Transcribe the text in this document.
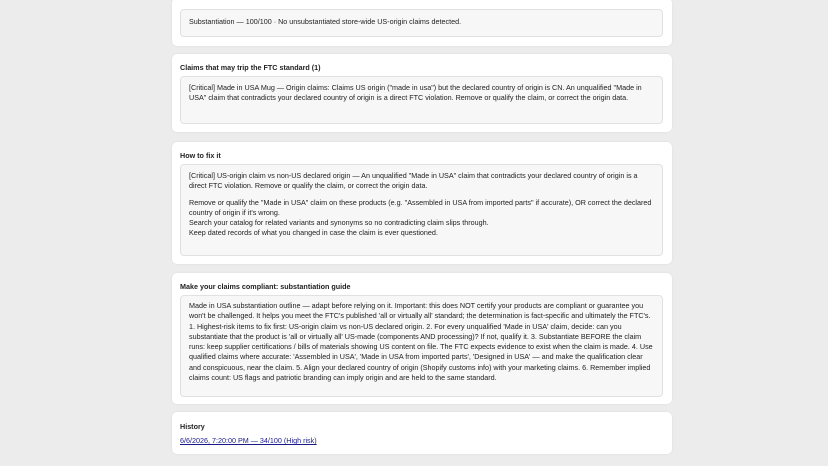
Substantiation — 100/100 · No unsubstantiated store-wide US-origin claims detected.

Claims that may trip the FTC standard (1)

[Critical] Made in USA Mug — Origin claims: Claims US origin ("made in usa") but the declared country of origin is CN. An unqualified "Made in USA" claim that contradicts your declared country of origin is a direct FTC violation. Remove or qualify the claim, or correct the origin data.

How to fix it

[Critical] US-origin claim vs non-US declared origin — An unqualified "Made in USA" claim that contradicts your declared country of origin is a direct FTC violation. Remove or qualify the claim, or correct the origin data.

Remove or qualify the "Made in USA" claim on these products (e.g. "Assembled in USA from imported parts" if accurate), OR correct the declared country of origin if it's wrong.
Search your catalog for related variants and synonyms so no contradicting claim slips through.
Keep dated records of what you changed in case the claim is ever questioned.
Make your claims compliant: substantiation guide

Made in USA substantiation outline — adapt before relying on it. Important: this does NOT certify your products are compliant or guarantee you won't be challenged. It helps you meet the FTC's published 'all or virtually all' standard; the determination is fact-specific and ultimately the FTC's. 1. Highest-risk items to fix first: US-origin claim vs non-US declared origin. 2. For every unqualified 'Made in USA' claim, decide: can you substantiate that the product is 'all or virtually all' US-made (components AND processing)? If not, qualify it. 3. Substantiate BEFORE the claim runs: keep supplier certifications / bills of materials showing US content on file. The FTC expects evidence to exist when the claim is made. 4. Use qualified claims where accurate: 'Assembled in USA', 'Made in USA from imported parts', 'Designed in USA' — and make the qualification clear and conspicuous, near the claim. 5. Align your declared country of origin (Shopify customs info) with your marketing claims. 6. Remember implied claims count: US flags and patriotic branding can imply origin and are held to the same standard.

History
6/6/2026, 7:20:00 PM — 34/100 (High risk)
